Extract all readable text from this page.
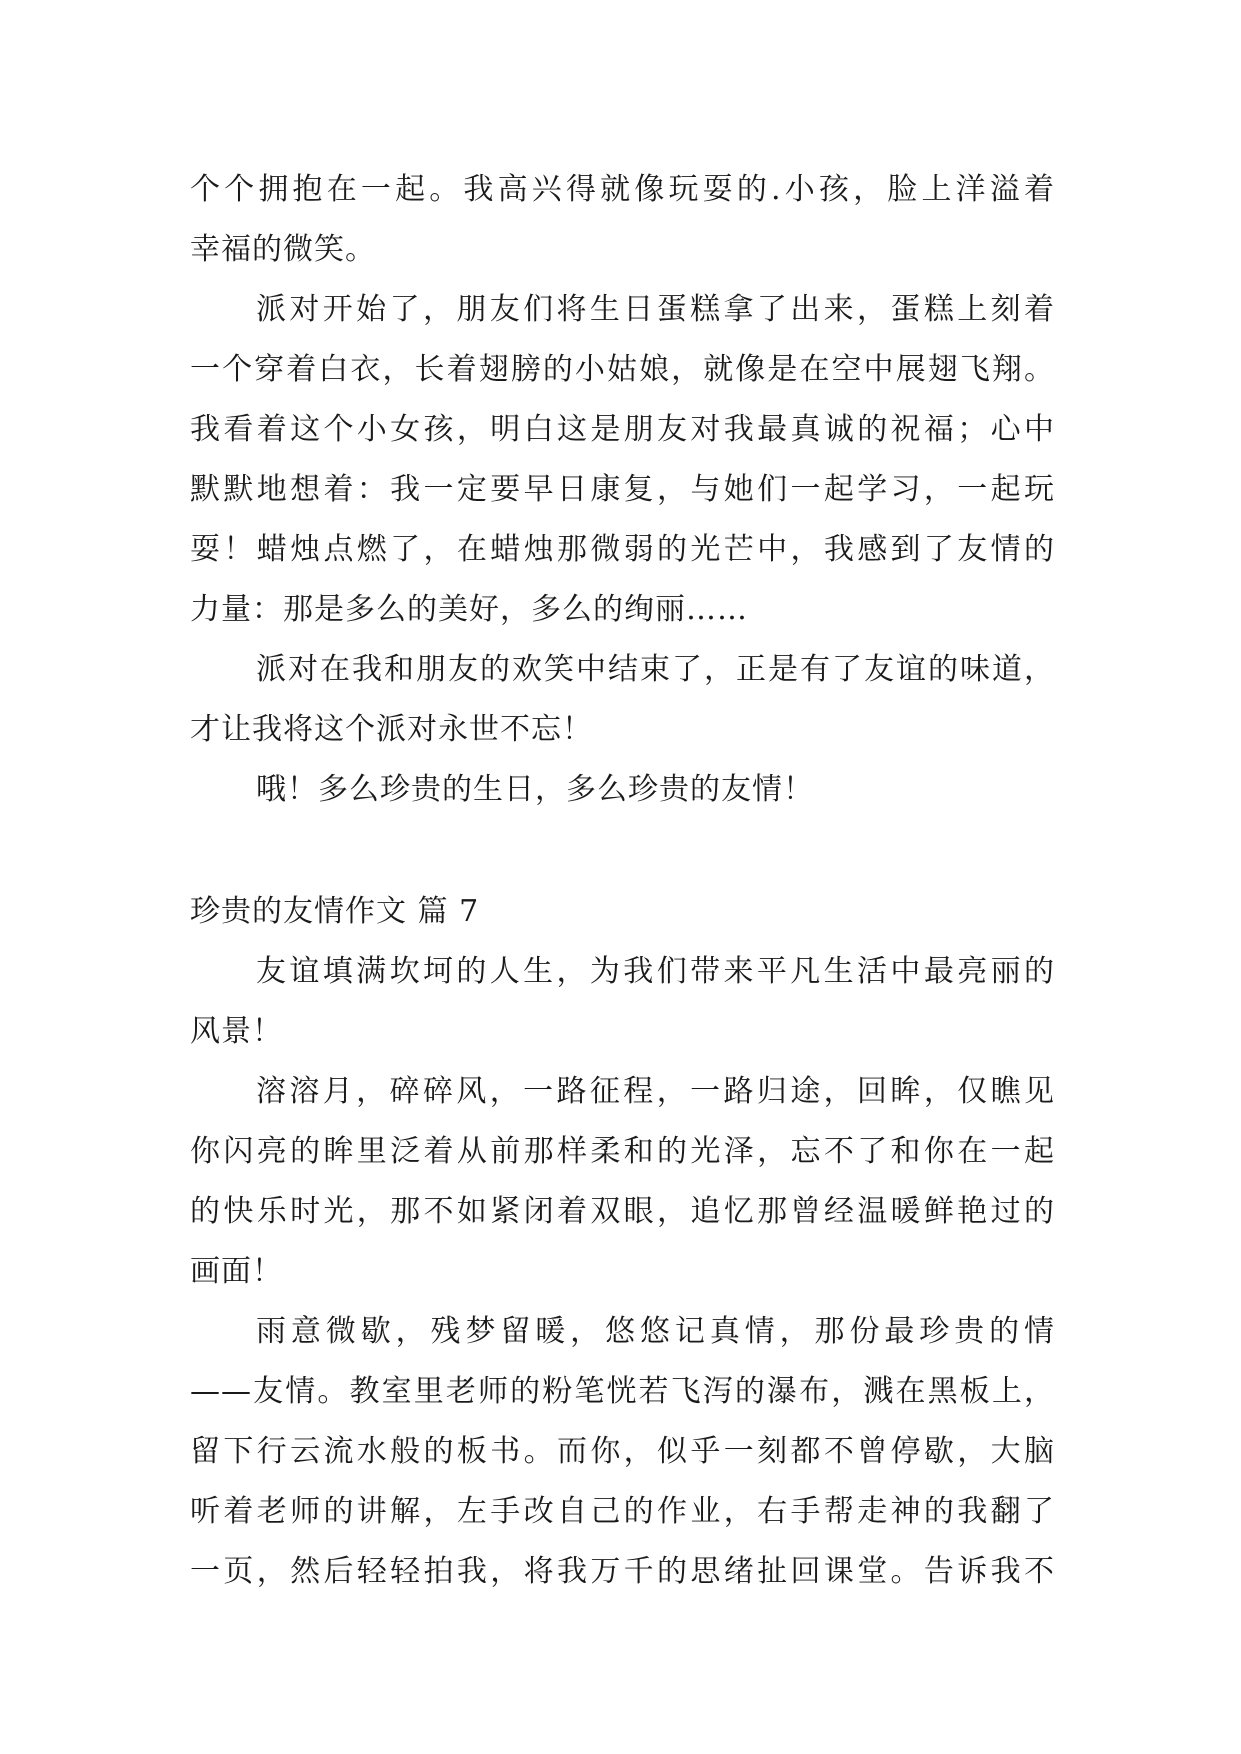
个个拥抱在一起。我高兴得就像玩耍的.小孩，脸上洋溢着
幸福的微笑。
派对开始了，朋友们将生日蛋糕拿了出来，蛋糕上刻着
一个穿着白衣，长着翅膀的小姑娘，就像是在空中展翅飞翔。
我看着这个小女孩，明白这是朋友对我最真诚的祝福；心中
默默地想着：我一定要早日康复，与她们一起学习，一起玩
耍！蜡烛点燃了，在蜡烛那微弱的光芒中，我感到了友情的
力量：那是多么的美好，多么的绚丽……
派对在我和朋友的欢笑中结束了，正是有了友谊的味道，
才让我将这个派对永世不忘！
哦！多么珍贵的生日，多么珍贵的友情！
珍贵的友情作文 篇 7
友谊填满坎坷的人生，为我们带来平凡生活中最亮丽的
风景！
溶溶月，碎碎风，一路征程，一路归途，回眸，仅瞧见
你闪亮的眸里泛着从前那样柔和的光泽，忘不了和你在一起
的快乐时光，那不如紧闭着双眼，追忆那曾经温暖鲜艳过的
画面！
雨意微歇，残梦留暖，悠悠记真情，那份最珍贵的情
——友情。教室里老师的粉笔恍若飞泻的瀑布，溅在黑板上，
留下行云流水般的板书。而你，似乎一刻都不曾停歇，大脑
听着老师的讲解，左手改自己的作业，右手帮走神的我翻了
一页，然后轻轻拍我，将我万千的思绪扯回课堂。告诉我不
